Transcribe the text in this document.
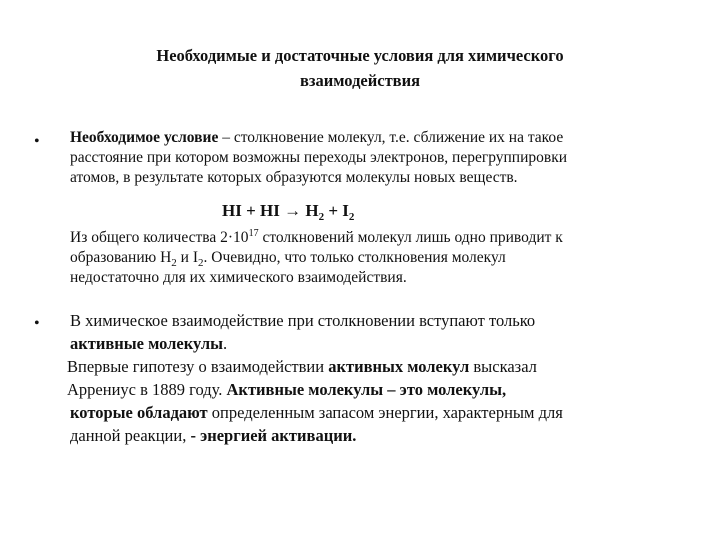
Необходимые и достаточные условия для химического
взаимодействия
• Необходимое условие – столкновение молекул, т.е. сближение их на такое
расстояние при котором возможны переходы электронов, перегруппировки
атомов, в результате которых образуются молекулы новых веществ.

HI + HI → $H_2 + I_2$

Из общего количества $2\cdot 10^{17}$ столкновений молекул лишь одно приводит к
образованию $H_2$ и $I_2$. Очевидно, что только столкновения молекул
недостаточно для их химического взаимодействия.

• В химическое взаимодействие при столкновении вступают только
активные молекулы.

Впервые гипотезу о взаимодействии активных молекул высказал
Аррениус в 1889 году. Активные молекулы – это молекулы,
которые обладают определенным запасом энергии, характерным для
данной реакции, - энергией активации.
